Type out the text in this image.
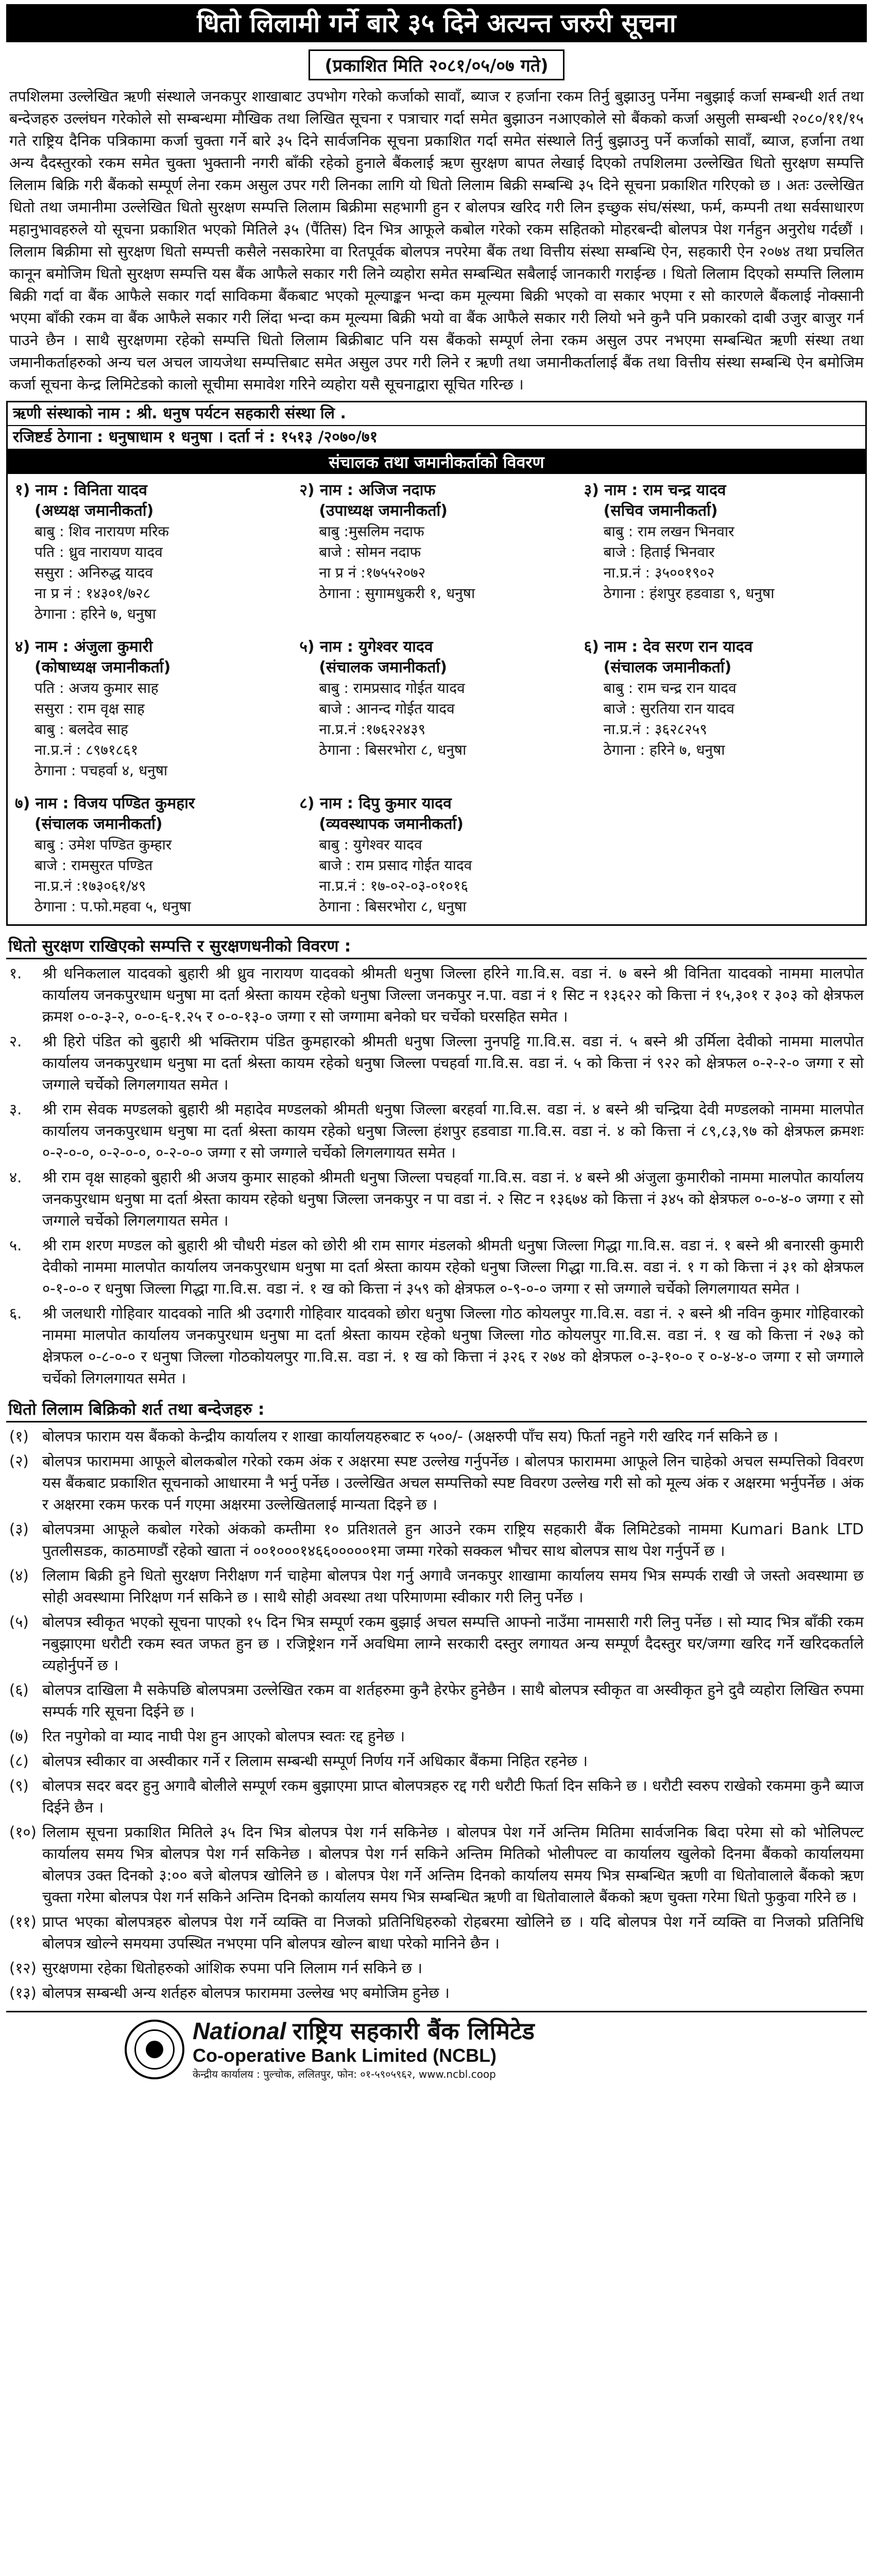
धितो लिलामी गर्ने बारे ३५ दिने अत्यन्त जरुरी सूचना
(प्रकाशित मिति २०८१/०५/०७ गते)
तपशिलमा उल्लेखित ऋणी संस्थाले जनकपुर शाखाबाट उपभोग गरेको कर्जाको सावाँ, ब्याज र हर्जाना रकम तिर्नु बुझाउनु पर्नेमा नबुझाई कर्जा सम्बन्धी शर्त तथा बन्देजहरु उल्लंघन गरेकोले सो सम्बन्धमा मौखिक तथा लिखित सूचना र पत्राचार गर्दा समेत बुझाउन नआएकोले सो बैंकको कर्जा असुली सम्बन्धी २०८०/११/१५ गते राष्ट्रिय दैनिक पत्रिकामा कर्जा चुक्ता गर्ने बारे ३५ दिने सार्वजनिक सूचना प्रकाशित गर्दा समेत संस्थाले तिर्नु बुझाउनु पर्ने कर्जाको सावाँ, ब्याज, हर्जाना तथा अन्य दैदस्तुरको रकम समेत चुक्ता भुक्तानी नगरी बाँकी रहेको हुनाले बैंकलाई ऋण सुरक्षण बापत लेखाई दिएको तपशिलमा उल्लेखित धितो सुरक्षण सम्पत्ति लिलाम बिक्रि गरी बैंकको सम्पूर्ण लेना रकम असुल उपर गरी लिनका लागि यो धितो लिलाम बिक्री सम्बन्धि ३५ दिने सूचना प्रकाशित गरिएको छ । अतः उल्लेखित धितो तथा जमानीमा उल्लेखित धितो सुरक्षण सम्पत्ति लिलाम बिक्रीमा सहभागी हुन र बोलपत्र खरिद गरी लिन इच्छुक संघ/संस्था, फर्म, कम्पनी तथा सर्वसाधारण महानुभावहरुले यो सूचना प्रकाशित भएको मितिले ३५ (पैंतिस) दिन भित्र आफूले कबोल गरेको रकम सहितको मोहरबन्दी बोलपत्र पेश गर्नहुन अनुरोध गर्दछौं । लिलाम बिक्रीमा सो सुरक्षण धितो सम्पत्ती कसैले नसकारेमा वा रितपूर्वक बोलपत्र नपरेमा बैंक तथा वित्तीय संस्था सम्बन्धि ऐन, सहकारी ऐन २०७४ तथा प्रचलित कानून बमोजिम धितो सुरक्षण सम्पत्ति यस बैंक आफैले सकार गरी लिने व्यहोरा समेत सम्बन्धित सबैलाई जानकारी गराईन्छ । धितो लिलाम दिएको सम्पत्ति लिलाम बिक्री गर्दा वा बैंक आफैले सकार गर्दा साविकमा बैंकबाट भएको मूल्याङ्कन भन्दा कम मूल्यमा बिक्री भएको वा सकार भएमा र सो कारणले बैंकलाई नोक्सानी भएमा बाँकी रकम वा बैंक आफैले सकार गरी लिंदा भन्दा कम मूल्यमा बिक्री भयो वा बैंक आफैले सकार गरी लियो भने कुनै पनि प्रकारको दाबी उजुर बाजुर गर्न पाउने छैन । साथै सुरक्षणमा रहेको सम्पत्ति धितो लिलाम बिक्रीबाट पनि यस बैंकको सम्पूर्ण लेना रकम असुल उपर नभएमा सम्बन्धित ऋणी संस्था तथा जमानीकर्ताहरुको अन्य चल अचल जायजेथा सम्पत्तिबाट समेत असुल उपर गरी लिने र ऋणी तथा जमानीकर्तालाई बैंक तथा वित्तीय संस्था सम्बन्धि ऐन बमोजिम कर्जा सूचना केन्द्र लिमिटेडको कालो सूचीमा समावेश गरिने व्यहोरा यसै सूचनाद्वारा सूचित गरिन्छ ।
ऋणी संस्थाको नाम : श्री. धनुष पर्यटन सहकारी संस्था लि .
रजिष्टर्ड ठेगाना : धनुषाधाम १ धनुषा । दर्ता नं : १५१३ /२०७०/७१
संचालक तथा जमानीकर्ताको विवरण
१) नाम : विनिता यादव
(अध्यक्ष जमानीकर्ता)
बाबु : शिव नारायण मरिक
पति : ध्रुव नारायण यादव
ससुरा : अनिरुद्ध यादव
ना प्र नं : १४३०१/७२८
ठेगाना : हरिने ७, धनुषा
२) नाम : अजिज नदाफ
(उपाध्यक्ष जमानीकर्ता)
बाबु :मुसलिम नदाफ
बाजे : सोमन नदाफ
ना प्र नं :१७५५२०७२
ठेगाना : सुगामधुकरी १, धनुषा
३) नाम : राम चन्द्र यादव
(सचिव जमानीकर्ता)
बाबु : राम लखन भिनवार
बाजे : हिताई भिनवार
ना.प्र.नं : ३५००१९०२
ठेगाना : हंशपुर हडवाडा ९, धनुषा
४) नाम : अंजुला कुमारी
(कोषाध्यक्ष जमानीकर्ता)
पति : अजय कुमार साह
ससुरा : राम वृक्ष साह
बाबु : बलदेव साह
ना.प्र.नं : ८९७१८६१
ठेगाना : पचहर्वा ४, धनुषा
५) नाम : युगेश्वर यादव
(संचालक जमानीकर्ता)
बाबु : रामप्रसाद गोईत यादव
बाजे : आनन्द गोईत यादव
ना.प्र.नं :१७६२२४३९
ठेगाना : बिसरभोरा ८, धनुषा
६) नाम : देव सरण रान यादव
(संचालक जमानीकर्ता)
बाबु : राम चन्द्र रान यादव
बाजे : सुरतिया रान यादव
ना.प्र.नं : ३६२८२५९
ठेगाना : हरिने ७, धनुषा
७) नाम : विजय पण्डित कुमहार
(संचालक जमानीकर्ता)
बाबु : उमेश पण्डित कुम्हार
बाजे : रामसुरत पण्डित
ना.प्र.नं :१७३०६१/४९
ठेगाना : प.फो.महवा ५, धनुषा
८) नाम : दिपु कुमार यादव
(व्यवस्थापक जमानीकर्ता)
बाबु : युगेश्वर यादव
बाजे : राम प्रसाद गोईत यादव
ना.प्र.नं : १७-०२-०३-०१०१६
ठेगाना : बिसरभोरा ८, धनुषा
धितो सुरक्षण राखिएको सम्पत्ति र सुरक्षणधनीको विवरण :
१.	श्री धनिकलाल यादवको बुहारी श्री ध्रुव नारायण यादवको श्रीमती धनुषा जिल्ला हरिने गा.वि.स. वडा नं. ७ बस्ने श्री विनिता यादवको नाममा मालपोत कार्यालय जनकपुरधाम धनुषा मा दर्ता श्रेस्ता कायम रहेको धनुषा जिल्ला जनकपुर न.पा. वडा नं १ सिट न १३६२२ को कित्ता नं १५,३०१ र ३०३ को क्षेत्रफल क्रमश ०-०-३-२, ०-०-६-१.२५ र ०-०-१३-० जग्गा र सो जग्गामा बनेको घर चर्चेको घरसहित समेत ।
२.	श्री हिरो पंडित को बुहारी श्री भक्तिराम पंडित कुमहारको श्रीमती धनुषा जिल्ला नुनपट्टि गा.वि.स. वडा नं. ५ बस्ने श्री उर्मिला देवीको नाममा मालपोत कार्यालय जनकपुरधाम धनुषा मा दर्ता श्रेस्ता कायम रहेको धनुषा जिल्ला पचहर्वा गा.वि.स. वडा नं. ५ को कित्ता नं ९२२ को क्षेत्रफल ०-२-२-० जग्गा र सो जग्गाले चर्चेको लिगलगायत समेत ।
३.	श्री राम सेवक मण्डलको बुहारी श्री महादेव मण्डलको श्रीमती धनुषा जिल्ला बरहर्वा गा.वि.स. वडा नं. ४ बस्ने श्री चन्द्रिया देवी मण्डलको नाममा मालपोत कार्यालय जनकपुरधाम धनुषा मा दर्ता श्रेस्ता कायम रहेको धनुषा जिल्ला हंशपुर हडवाडा गा.वि.स. वडा नं. ४ को कित्ता नं ८९,८३,९७ को क्षेत्रफल क्रमशः ०-२-०-०, ०-२-०-०, ०-२-०-० जग्गा र सो जग्गाले चर्चेको लिगलगायत समेत ।
४.	श्री राम वृक्ष साहको बुहारी श्री अजय कुमार साहको श्रीमती धनुषा जिल्ला पचहर्वा गा.वि.स. वडा नं. ४ बस्ने श्री अंजुला कुमारीको नाममा मालपोत कार्यालय जनकपुरधाम धनुषा मा दर्ता श्रेस्ता कायम रहेको धनुषा जिल्ला जनकपुर न पा वडा नं. २ सिट न १३६७४ को कित्ता नं ३४५ को क्षेत्रफल ०-०-४-० जग्गा र सो जग्गाले चर्चेको लिगलगायत समेत ।
५.	श्री राम शरण मण्डल को बुहारी श्री चौधरी मंडल को छोरी श्री राम सागर मंडलको श्रीमती धनुषा जिल्ला गिद्धा गा.वि.स. वडा नं. १ बस्ने श्री बनारसी कुमारी देवीको नाममा मालपोत कार्यालय जनकपुरधाम धनुषा मा दर्ता श्रेस्ता कायम रहेको धनुषा जिल्ला गिद्धा गा.वि.स. वडा नं. १ ग को कित्ता नं ३१ को क्षेत्रफल ०-१-०-० र धनुषा जिल्ला गिद्धा गा.वि.स. वडा नं. १ ख को कित्ता नं ३५९ को क्षेत्रफल ०-९-०-० जग्गा र सो जग्गाले चर्चेको लिगलगायत समेत ।
६.	श्री जलधारी गोहिवार यादवको नाति श्री उदगारी गोहिवार यादवको छोरा धनुषा जिल्ला गोठ कोयलपुर गा.वि.स. वडा नं. २ बस्ने श्री नविन कुमार गोहिवारको नाममा मालपोत कार्यालय जनकपुरधाम धनुषा मा दर्ता श्रेस्ता कायम रहेको धनुषा जिल्ला गोठ कोयलपुर गा.वि.स. वडा नं. १ ख को कित्ता नं २७३ को क्षेत्रफल ०-८-०-० र धनुषा जिल्ला गोठकोयलपुर गा.वि.स. वडा नं. १ ख को कित्ता नं ३२६ र २७४ को क्षेत्रफल ०-३-१०-० र ०-४-४-० जग्गा र सो जग्गाले चर्चेको लिगलगायत समेत ।
धितो लिलाम बिक्रिको शर्त तथा बन्देजहरु :
(१) बोलपत्र फाराम यस बैंकको केन्द्रीय कार्यालय र शाखा कार्यालयहरुबाट रु ५००/- (अक्षरुपी पाँच सय) फिर्ता नहुने गरी खरिद गर्न सकिने छ ।
(२) बोलपत्र फाराममा आफूले बोलकबोल गरेको रकम अंक र अक्षरमा स्पष्ट उल्लेख गर्नुपर्नेछ । बोलपत्र फाराममा आफूले लिन चाहेको अचल सम्पत्तिको विवरण यस बैंकबाट प्रकाशित सूचनाको आधारमा नै भर्नु पर्नेछ । उल्लेखित अचल सम्पत्तिको स्पष्ट विवरण उल्लेख गरी सो को मूल्य अंक र अक्षरमा भर्नुपर्नेछ । अंक र अक्षरमा रकम फरक पर्न गएमा अक्षरमा उल्लेखितलाई मान्यता दिइने छ ।
(३) बोलपत्रमा आफूले कबोल गरेको अंकको कम्तीमा १० प्रतिशतले हुन आउने रकम राष्ट्रिय सहकारी बैंक लिमिटेडको नाममा Kumari Bank LTD पुतलीसडक, काठमाण्डौं रहेको खाता नं ००१०००१४६६०००००१मा जम्मा गरेको सक्कल भौचर साथ बोलपत्र साथ पेश गर्नुपर्ने छ ।
(४) लिलाम बिक्री हुने धितो सुरक्षण निरीक्षण गर्न चाहेमा बोलपत्र पेश गर्नु अगावै जनकपुर शाखामा कार्यालय समय भित्र सम्पर्क राखी जे जस्तो अवस्थामा छ सोही अवस्थामा निरिक्षण गर्न सकिने छ । साथै सोही अवस्था तथा परिमाणमा स्वीकार गरी लिनु पर्नेछ ।
(५) बोलपत्र स्वीकृत भएको सूचना पाएको १५ दिन भित्र सम्पूर्ण रकम बुझाई अचल सम्पत्ति आफ्नो नाउँमा नामसारी गरी लिनु पर्नेछ । सो म्याद भित्र बाँकी रकम नबुझाएमा धरौटी रकम स्वत जफत हुन छ । रजिष्ट्रेशन गर्ने अवधिमा लाग्ने सरकारी दस्तुर लगायत अन्य सम्पूर्ण दैदस्तुर घर/जग्गा खरिद गर्ने खरिदकर्ताले व्यहोर्नुपर्ने छ ।
(६) बोलपत्र दाखिला मै सकेपछि बोलपत्रमा उल्लेखित रकम वा शर्तहरुमा कुनै हेरफेर हुनेछैन । साथै बोलपत्र स्वीकृत वा अस्वीकृत हुने दुवै व्यहोरा लिखित रुपमा सम्पर्क गरि सूचना दिईने छ ।
(७) रित नपुगेको वा म्याद नाघी पेश हुन आएको बोलपत्र स्वतः रद्द हुनेछ ।
(८) बोलपत्र स्वीकार वा अस्वीकार गर्ने र लिलाम सम्बन्धी सम्पूर्ण निर्णय गर्ने अधिकार बैंकमा निहित रहनेछ ।
(९) बोलपत्र सदर बदर हुनु अगावै बोलीले सम्पूर्ण रकम बुझाएमा प्राप्त बोलपत्रहरु रद्द गरी धरौटी फिर्ता दिन सकिने छ । धरौटी स्वरुप राखेको रकममा कुनै ब्याज दिईने छैन ।
(१०) लिलाम सूचना प्रकाशित मितिले ३५ दिन भित्र बोलपत्र पेश गर्न सकिनेछ । बोलपत्र पेश गर्ने अन्तिम मितिमा सार्वजनिक बिदा परेमा सो को भोलिपल्ट कार्यालय समय भित्र बोलपत्र पेश गर्न सकिनेछ । बोलपत्र पेश गर्न सकिने अन्तिम मितिको भोलीपल्ट वा कार्यालय खुलेको दिनमा बैंकको कार्यालयमा बोलपत्र उक्त दिनको ३:०० बजे बोलपत्र खोलिने छ । बोलपत्र पेश गर्ने अन्तिम दिनको कार्यालय समय भित्र सम्बन्धित ऋणी वा धितोवालाले बैंकको ऋण चुक्ता गरेमा बोलपत्र पेश गर्न सकिने अन्तिम दिनको कार्यालय समय भित्र सम्बन्धित ऋणी वा धितोवालाले बैंकको ऋण चुक्ता गरेमा धितो फुकुवा गरिने छ ।
(११) प्राप्त भएका बोलपत्रहरु बोलपत्र पेश गर्ने व्यक्ति वा निजको प्रतिनिधिहरुको रोहबरमा खोलिने छ । यदि बोलपत्र पेश गर्ने व्यक्ति वा निजको प्रतिनिधि बोलपत्र खोल्ने समयमा उपस्थित नभएमा पनि बोलपत्र खोल्न बाधा परेको मानिने छैन ।
(१२) सुरक्षणमा रहेका धितोहरुको आंशिक रुपमा पनि लिलाम गर्न सकिने छ ।
(१३) बोलपत्र सम्बन्धी अन्य शर्तहरु बोलपत्र फाराममा उल्लेख भए बमोजिम हुनेछ ।
National राष्ट्रिय सहकारी बैंक लिमिटेड
Co-operative Bank Limited (NCBL)
केन्द्रीय कार्यालय : पुल्चोक, ललितपुर, फोन: ०१-५९०५९६२, www.ncbl.coop
